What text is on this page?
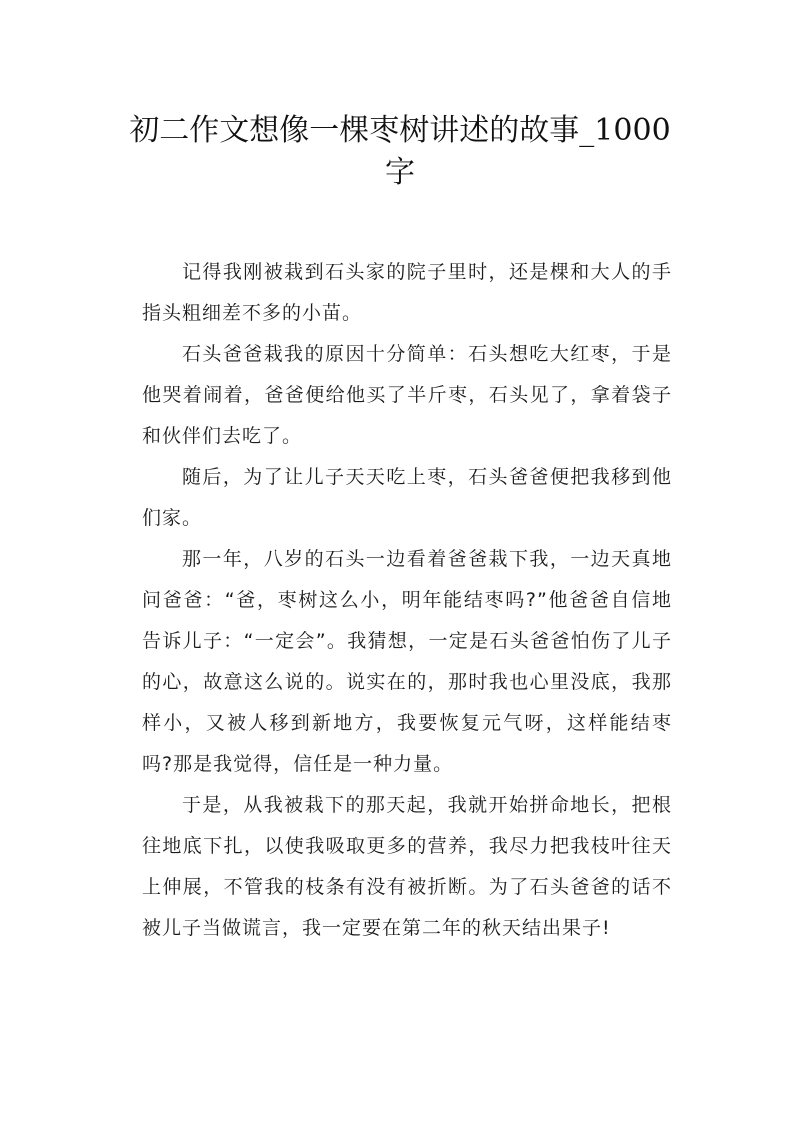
初二作文想像一棵枣树讲述的故事_1000字

记得我刚被栽到石头家的院子里时，还是棵和大人的手指头粗细差不多的小苗。

石头爸爸栽我的原因十分简单：石头想吃大红枣，于是他哭着闹着，爸爸便给他买了半斤枣，石头见了，拿着袋子和伙伴们去吃了。

随后，为了让儿子天天吃上枣，石头爸爸便把我移到他们家。

那一年，八岁的石头一边看着爸爸栽下我，一边天真地问爸爸：“爸，枣树这么小，明年能结枣吗?”他爸爸自信地告诉儿子：“一定会”。我猜想，一定是石头爸爸怕伤了儿子的心，故意这么说的。说实在的，那时我也心里没底，我那样小，又被人移到新地方，我要恢复元气呀，这样能结枣吗?那是我觉得，信任是一种力量。

于是，从我被栽下的那天起，我就开始拼命地长，把根往地底下扎，以使我吸取更多的营养，我尽力把我枝叶往天上伸展，不管我的枝条有没有被折断。为了石头爸爸的话不被儿子当做谎言，我一定要在第二年的秋天结出果子!
